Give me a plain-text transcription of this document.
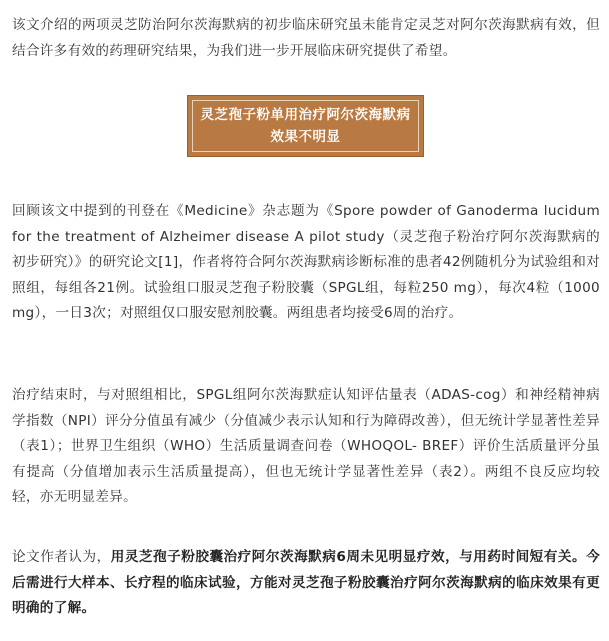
该文介绍的两项灵芝防治阿尔茨海默病的初步临床研究虽未能肯定灵芝对阿尔茨海默病有效，但结合许多有效的药理研究结果，为我们进一步开展临床研究提供了希望。

灵芝孢子粉单用治疗阿尔茨海默病
效果不明显

回顾该文中提到的刊登在《Medicine》杂志题为《Spore powder of Ganoderma lucidum for the treatment of Alzheimer disease A pilot study（灵芝孢子粉治疗阿尔茨海默病的初步研究）》的研究论文[1]，作者将符合阿尔茨海默病诊断标准的患者42例随机分为试验组和对照组，每组各21例。试验组口服灵芝孢子粉胶囊（SPGL组，每粒250 mg），每次4粒（1000 mg），一日3次；对照组仅口服安慰剂胶囊。两组患者均接受6周的治疗。

治疗结束时，与对照组相比，SPGL组阿尔茨海默症认知评估量表（ADAS-cog）和神经精神病学指数（NPI）评分分值虽有减少（分值减少表示认知和行为障碍改善），但无统计学显著性差异（表1）；世界卫生组织（WHO）生活质量调查问卷（WHOQOL- BREF）评价生活质量评分虽有提高（分值增加表示生活质量提高），但也无统计学显著性差异（表2）。两组不良反应均较轻，亦无明显差异。

论文作者认为，用灵芝孢子粉胶囊治疗阿尔茨海默病6周未见明显疗效，与用药时间短有关。今后需进行大样本、长疗程的临床试验，方能对灵芝孢子粉胶囊治疗阿尔茨海默病的临床效果有更明确的了解。
